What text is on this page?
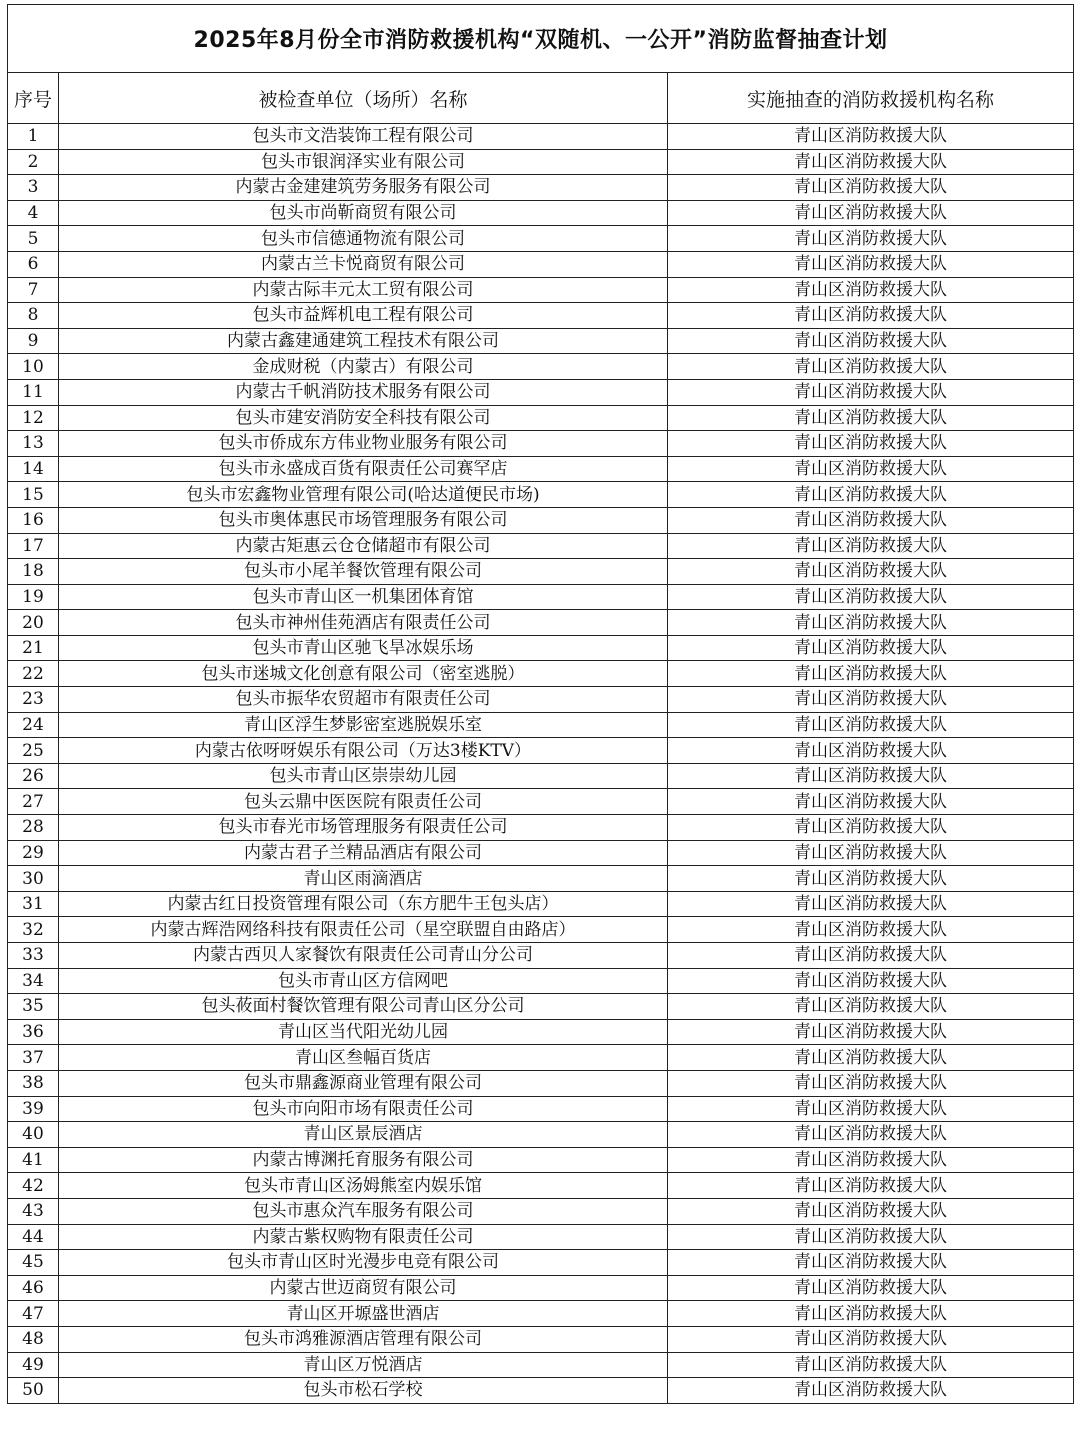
2025年8月份全市消防救援机构“双随机、一公开”消防监督抽查计划		
序号	被检查单位（场所）名称	实施抽查的消防救援机构名称
1	包头市文浩装饰工程有限公司	青山区消防救援大队
2	包头市银润泽实业有限公司	青山区消防救援大队
3	内蒙古金建建筑劳务服务有限公司	青山区消防救援大队
4	包头市尚靳商贸有限公司	青山区消防救援大队
5	包头市信德通物流有限公司	青山区消防救援大队
6	内蒙古兰卡悦商贸有限公司	青山区消防救援大队
7	内蒙古际丰元太工贸有限公司	青山区消防救援大队
8	包头市益辉机电工程有限公司	青山区消防救援大队
9	内蒙古鑫建通建筑工程技术有限公司	青山区消防救援大队
10	金成财税（内蒙古）有限公司	青山区消防救援大队
11	内蒙古千帆消防技术服务有限公司	青山区消防救援大队
12	包头市建安消防安全科技有限公司	青山区消防救援大队
13	包头市侨成东方伟业物业服务有限公司	青山区消防救援大队
14	包头市永盛成百货有限责任公司赛罕店	青山区消防救援大队
15	包头市宏鑫物业管理有限公司(哈达道便民市场)	青山区消防救援大队
16	包头市奥体惠民市场管理服务有限公司	青山区消防救援大队
17	内蒙古矩惠云仓仓储超市有限公司	青山区消防救援大队
18	包头市小尾羊餐饮管理有限公司	青山区消防救援大队
19	包头市青山区一机集团体育馆	青山区消防救援大队
20	包头市神州佳苑酒店有限责任公司	青山区消防救援大队
21	包头市青山区驰飞旱冰娱乐场	青山区消防救援大队
22	包头市迷城文化创意有限公司（密室逃脱）	青山区消防救援大队
23	包头市振华农贸超市有限责任公司	青山区消防救援大队
24	青山区浮生梦影密室逃脱娱乐室	青山区消防救援大队
25	内蒙古依呀呀娱乐有限公司（万达3楼KTV）	青山区消防救援大队
26	包头市青山区崇崇幼儿园	青山区消防救援大队
27	包头云鼎中医医院有限责任公司	青山区消防救援大队
28	包头市春光市场管理服务有限责任公司	青山区消防救援大队
29	内蒙古君子兰精品酒店有限公司	青山区消防救援大队
30	青山区雨滴酒店	青山区消防救援大队
31	内蒙古红日投资管理有限公司（东方肥牛王包头店）	青山区消防救援大队
32	内蒙古辉浩网络科技有限责任公司（星空联盟自由路店）	青山区消防救援大队
33	内蒙古西贝人家餐饮有限责任公司青山分公司	青山区消防救援大队
34	包头市青山区方信网吧	青山区消防救援大队
35	包头莜面村餐饮管理有限公司青山区分公司	青山区消防救援大队
36	青山区当代阳光幼儿园	青山区消防救援大队
37	青山区叁幅百货店	青山区消防救援大队
38	包头市鼎鑫源商业管理有限公司	青山区消防救援大队
39	包头市向阳市场有限责任公司	青山区消防救援大队
40	青山区景辰酒店	青山区消防救援大队
41	内蒙古博渊托育服务有限公司	青山区消防救援大队
42	包头市青山区汤姆熊室内娱乐馆	青山区消防救援大队
43	包头市惠众汽车服务有限公司	青山区消防救援大队
44	内蒙古紫权购物有限责任公司	青山区消防救援大队
45	包头市青山区时光漫步电竞有限公司	青山区消防救援大队
46	内蒙古世迈商贸有限公司	青山区消防救援大队
47	青山区开塬盛世酒店	青山区消防救援大队
48	包头市鸿雅源酒店管理有限公司	青山区消防救援大队
49	青山区万悦酒店	青山区消防救援大队
50	包头市松石学校	青山区消防救援大队
